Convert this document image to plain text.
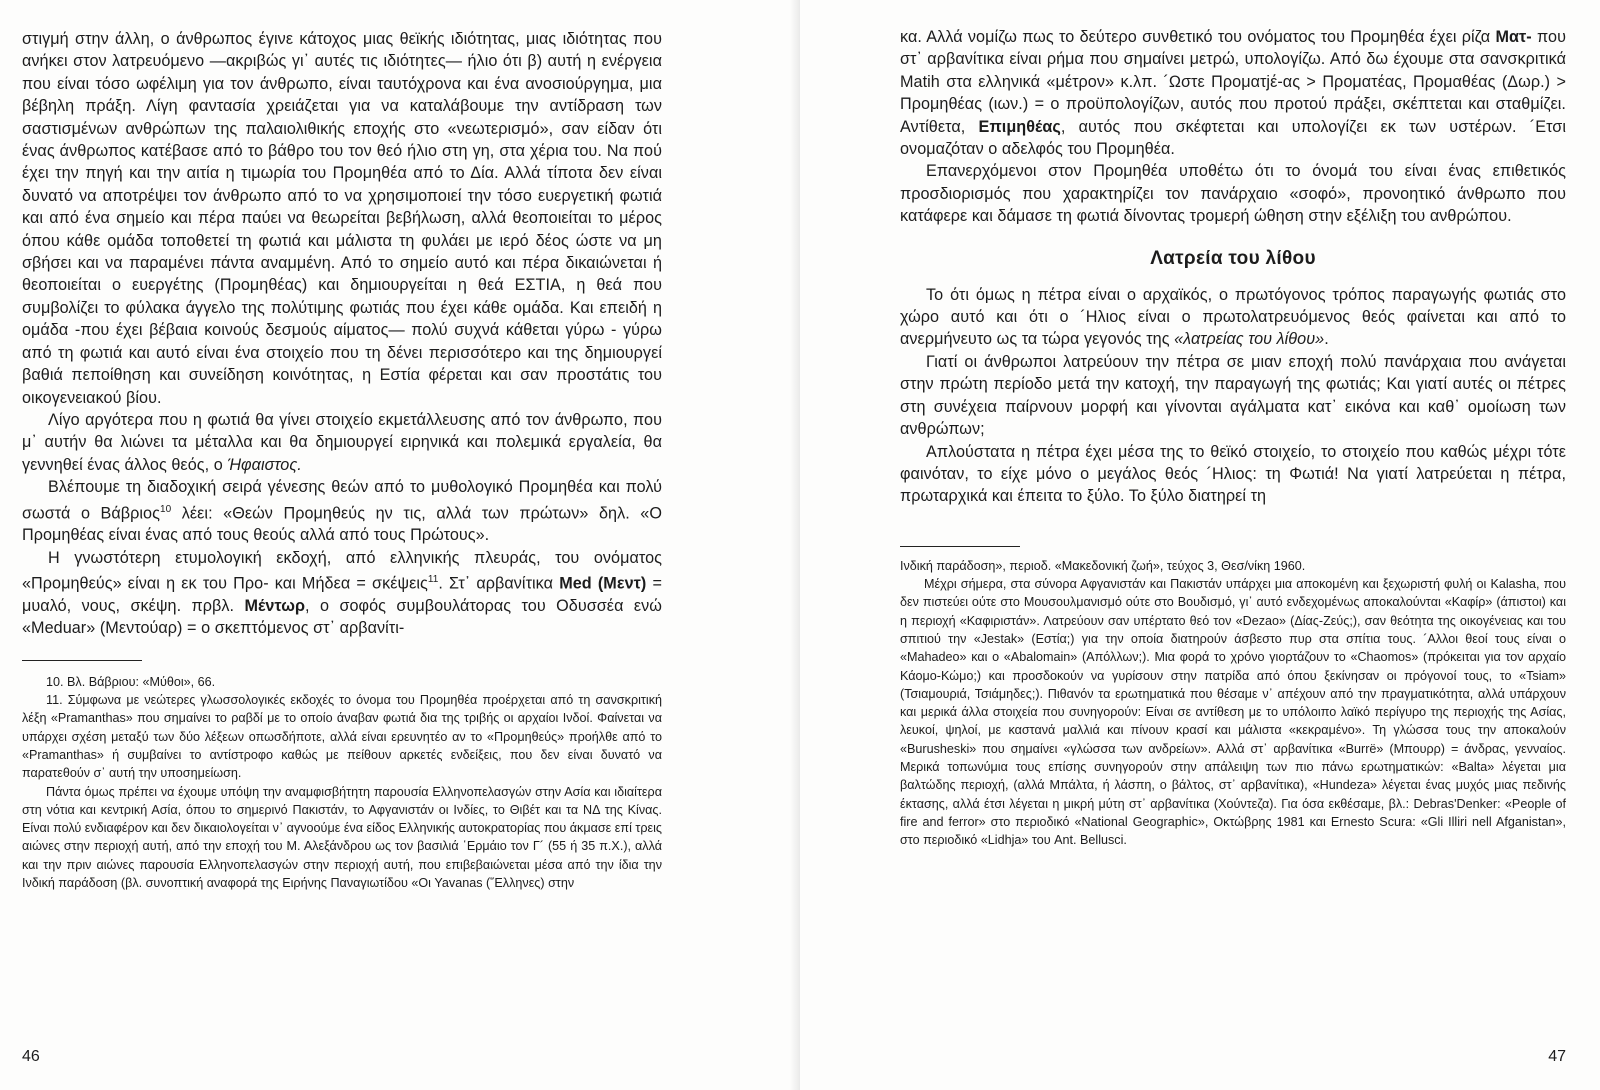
στιγμή στην άλλη, ο άνθρωπος έγινε κάτοχος μιας θεϊκής ιδιότητας, μιας ιδιότητας που ανήκει στον λατρευόμενο —ακριβώς γι᾽ αυτές τις ιδιότητες— ήλιο ότι β) αυτή η ενέργεια που είναι τόσο ωφέλιμη για τον άνθρωπο, είναι ταυτόχρονα και ένα ανοσιούργημα, μια βέβηλη πράξη. Λίγη φαντασία χρειάζεται για να καταλάβουμε την αντίδραση των σαστισμένων ανθρώπων της παλαιολιθικής εποχής στο «νεωτερισμό», σαν είδαν ότι ένας άνθρωπος κατέβασε από το βάθρο του τον θεό ήλιο στη γη, στα χέρια του. Να πού έχει την πηγή και την αιτία η τιμωρία του Προμηθέα από το Δία. Αλλά τίποτα δεν είναι δυνατό να αποτρέψει τον άνθρωπο από το να χρησιμοποιεί την τόσο ευεργετική φωτιά και από ένα σημείο και πέρα παύει να θεωρείται βεβήλωση, αλλά θεοποιείται το μέρος όπου κάθε ομάδα τοποθετεί τη φωτιά και μάλιστα τη φυλάει με ιερό δέος ώστε να μη σβήσει και να παραμένει πάντα αναμμένη. Από το σημείο αυτό και πέρα δικαιώνεται ή θεοποιείται ο ευεργέτης (Προμηθέας) και δημιουργείται η θεά ΕΣΤΙΑ, η θεά που συμβολίζει το φύλακα άγγελο της πολύτιμης φωτιάς που έχει κάθε ομάδα. Και επειδή η ομάδα -που έχει βέβαια κοινούς δεσμούς αίματος— πολύ συχνά κάθεται γύρω - γύρω από τη φωτιά και αυτό είναι ένα στοιχείο που τη δένει περισσότερο και της δημιουργεί βαθιά πεποίθηση και συνείδηση κοινότητας, η Εστία φέρεται και σαν προστάτις του οικογενειακού βίου.

Λίγο αργότερα που η φωτιά θα γίνει στοιχείο εκμετάλλευσης από τον άνθρωπο, που μ᾽ αυτήν θα λιώνει τα μέταλλα και θα δημιουργεί ειρηνικά και πολεμικά εργαλεία, θα γεννηθεί ένας άλλος θεός, ο Ήφαιστος.

Βλέπουμε τη διαδοχική σειρά γένεσης θεών από το μυθολογικό Προμηθέα και πολύ σωστά ο Βάβριος$^{10}$ λέει: «Θεών Προμηθεύς ην τις, αλλά των πρώτων» δηλ. «Ο Προμηθέας είναι ένας από τους θεούς αλλά από τους Πρώτους».

Η γνωστότερη ετυμολογική εκδοχή, από ελληνικής πλευράς, του ονόματος «Προμηθεύς» είναι η εκ του Προ- και Μήδεα = σκέψεις$^{11}$. Στ᾽ αρβανίτικα Med (Μεντ) = μυαλό, νους, σκέψη. πρβλ. Μέντωρ, ο σοφός συμβουλάτορας του Οδυσσέα ενώ «Meduar» (Μεντούαρ) = ο σκεπτόμενος στ᾽ αρβανίτι-

10. Βλ. Βάβριου: «Μύθοι», 66.

11. Σύμφωνα με νεώτερες γλωσσολογικές εκδοχές το όνομα του Προμηθέα προέρχεται από τη σανσκριτική λέξη «Pramanthas» που σημαίνει το ραβδί με το οποίο άναβαν φωτιά δια της τριβής οι αρχαίοι Ινδοί. Φαίνεται να υπάρχει σχέση μεταξύ των δύο λέξεων οπωσδήποτε, αλλά είναι ερευνητέο αν το «Προμηθεύς» προήλθε από το «Pramanthas» ή συμβαίνει το αντίστροφο καθώς με πείθουν αρκετές ενδείξεις, που δεν είναι δυνατό να παρατεθούν σ᾽ αυτή την υποσημείωση.

Πάντα όμως πρέπει να έχουμε υπόψη την αναμφισβήτητη παρουσία Ελληνοπελασγών στην Ασία και ιδιαίτερα στη νότια και κεντρική Ασία, όπου το σημερινό Πακιστάν, το Αφγανιστάν οι Ινδίες, το Θιβέτ και τα ΝΔ της Κίνας. Είναι πολύ ενδιαφέρον και δεν δικαιολογείται ν᾽ αγνοούμε ένα είδος Ελληνικής αυτοκρατορίας που άκμασε επί τρεις αιώνες στην περιοχή αυτή, από την εποχή του Μ. Αλεξάνδρου ως τον βασιλιά ῾Ερμάιο τον Γ´ (55 ή 35 π.Χ.), αλλά και την πριν αιώνες παρουσία Ελληνοπελασγών στην περιοχή αυτή, που επιβεβαιώνεται μέσα από την ίδια την Ινδική παράδοση (βλ. συνοπτική αναφορά της Ειρήνης Παναγιωτίδου «Οι Yavanas (῞Ελληνες) στην

46

κα. Αλλά νομίζω πως το δεύτερο συνθετικό του ονόματος του Προμηθέα έχει ρίζα Ματ- που στ᾽ αρβανίτικα είναι ρήμα που σημαίνει μετρώ, υπολογίζω. Από δω έχουμε στα σανσκριτικά Matih στα ελληνικά «μέτρον» κ.λπ. ´Ωστε Προματjέ-ας > Προματέας, Προμαθέας (Δωρ.) > Προμηθέας (ιων.) = ο προϋπολογίζων, αυτός που προτού πράξει, σκέπτεται και σταθμίζει. Αντίθετα, Επιμηθέας, αυτός που σκέφτεται και υπολογίζει εκ των υστέρων. ´Ετσι ονομαζόταν ο αδελφός του Προμηθέα.

Επανερχόμενοι στον Προμηθέα υποθέτω ότι το όνομά του είναι ένας επιθετικός προσδιορισμός που χαρακτηρίζει τον πανάρχαιο «σοφό», προνοητικό άνθρωπο που κατάφερε και δάμασε τη φωτιά δίνοντας τρομερή ώθηση στην εξέλιξη του ανθρώπου.

Λατρεία του λίθου

Το ότι όμως η πέτρα είναι ο αρχαϊκός, ο πρωτόγονος τρόπος παραγωγής φωτιάς στο χώρο αυτό και ότι ο ´Ηλιος είναι ο πρωτολατρευόμενος θεός φαίνεται και από το ανερμήνευτο ως τα τώρα γεγονός της «λατρείας του λίθου».

Γιατί οι άνθρωποι λατρεύουν την πέτρα σε μιαν εποχή πολύ πανάρχαια που ανάγεται στην πρώτη περίοδο μετά την κατοχή, την παραγωγή της φωτιάς; Και γιατί αυτές οι πέτρες στη συνέχεια παίρνουν μορφή και γίνονται αγάλματα κατ᾽ εικόνα και καθ᾽ ομοίωση των ανθρώπων;

Απλούστατα η πέτρα έχει μέσα της το θεϊκό στοιχείο, το στοιχείο που καθώς μέχρι τότε φαινόταν, το είχε μόνο ο μεγάλος θεός ´Ηλιος: τη Φωτιά! Να γιατί λατρεύεται η πέτρα, πρωταρχικά και έπειτα το ξύλο. Το ξύλο διατηρεί τη

Ινδική παράδοση», περιοδ. «Μακεδονική ζωή», τεύχος 3, Θεσ/νίκη 1960.

Μέχρι σήμερα, στα σύνορα Αφγανιστάν και Πακιστάν υπάρχει μια αποκομένη και ξεχωριστή φυλή οι Kalasha, που δεν πιστεύει ούτε στο Μουσουλμανισμό ούτε στο Βουδισμό, γι᾽ αυτό ενδεχομένως αποκαλούνται «Καφίρ» (άπιστοι) και η περιοχή «Καφιριστάν». Λατρεύουν σαν υπέρτατο θεό τον «Dezao» (Δίας-Ζεύς;), σαν θεότητα της οικογένειας και του σπιτιού την «Jestak» (Εστία;) για την οποία διατηρούν άσβεστο πυρ στα σπίτια τους. ´Αλλοι θεοί τους είναι ο «Mahadeo» και ο «Abalomain» (Απόλλων;). Μια φορά το χρόνο γιορτάζουν το «Chaomos» (πρόκειται για τον αρχαίο Κάομο-Κώμο;) και προσδοκούν να γυρίσουν στην πατρίδα από όπου ξεκίνησαν οι πρόγονοί τους, το «Tsiam» (Τσιαμουριά, Τσιάμηδες;). Πιθανόν τα ερωτηματικά που θέσαμε ν᾽ απέχουν από την πραγματικότητα, αλλά υπάρχουν και μερικά άλλα στοιχεία που συνηγορούν: Είναι σε αντίθεση με το υπόλοιπο λαϊκό περίγυρο της περιοχής της Ασίας, λευκοί, ψηλοί, με καστανά μαλλιά και πίνουν κρασί και μάλιστα «κεκραμένο». Τη γλώσσα τους την αποκαλούν «Burusheski» που σημαίνει «γλώσσα των ανδρείων». Αλλά στ᾽ αρβανίτικα «Burrë» (Μπουρρ) = άνδρας, γενναίος. Μερικά τοπωνύμια τους επίσης συνηγορούν στην απάλειψη των πιο πάνω ερωτηματικών: «Balta» λέγεται μια βαλτώδης περιοχή, (αλλά Μπάλτα, ή λάσπη, ο βάλτος, στ᾽ αρβανίτικα), «Hundeza» λέγεται ένας μυχός μιας πεδινής έκτασης, αλλά έτσι λέγεται η μικρή μύτη στ᾽ αρβανίτικα (Χούντεζα). Για όσα εκθέσαμε, βλ.: Debras'Denker: «People of fire and ferror» στο περιοδικό «National Geographic», Οκτώβρης 1981 και Ernesto Scura: «Gli Illiri nell Afganistan», στο περιοδικό «Lidhja» του Ant. Bellusci.

47
